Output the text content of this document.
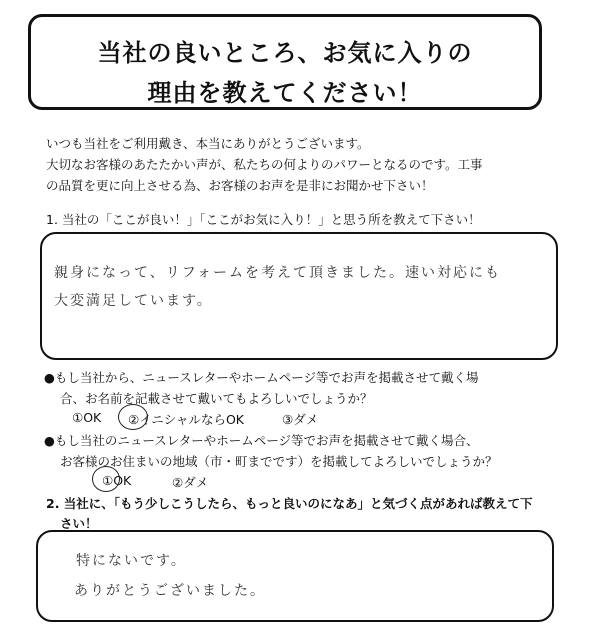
当社の良いところ、お気に入りの
理由を教えてください！
いつも当社をご利用戴き、本当にありがとうございます。
大切なお客様のあたたかい声が、私たちの何よりのパワーとなるのです。工事
の品質を更に向上させる為、お客様のお声を是非にお聞かせ下さい！
1. 当社の「ここが良い！」「ここがお気に入り！」と思う所を教えて下さい！
親身になって、リフォームを考えて頂きました。速い対応にも
大変満足しています。
●もし当社から、ニュースレターやホームページ等でお声を掲載させて戴く場
合、お名前を記載させて戴いてもよろしいでしょうか？
①OK ②イニシャルならOK	③ダメ
●もし当社のニュースレターやホームページ等でお声を掲載させて戴く場合、
お客様のお住まいの地域（市・町までです）を掲載してよろしいでしょうか？
①OK	②ダメ
2. 当社に、「もう少しこうしたら、もっと良いのになあ」と気づく点があれば教えて下
さい！
特にないです。
ありがとうございました。
